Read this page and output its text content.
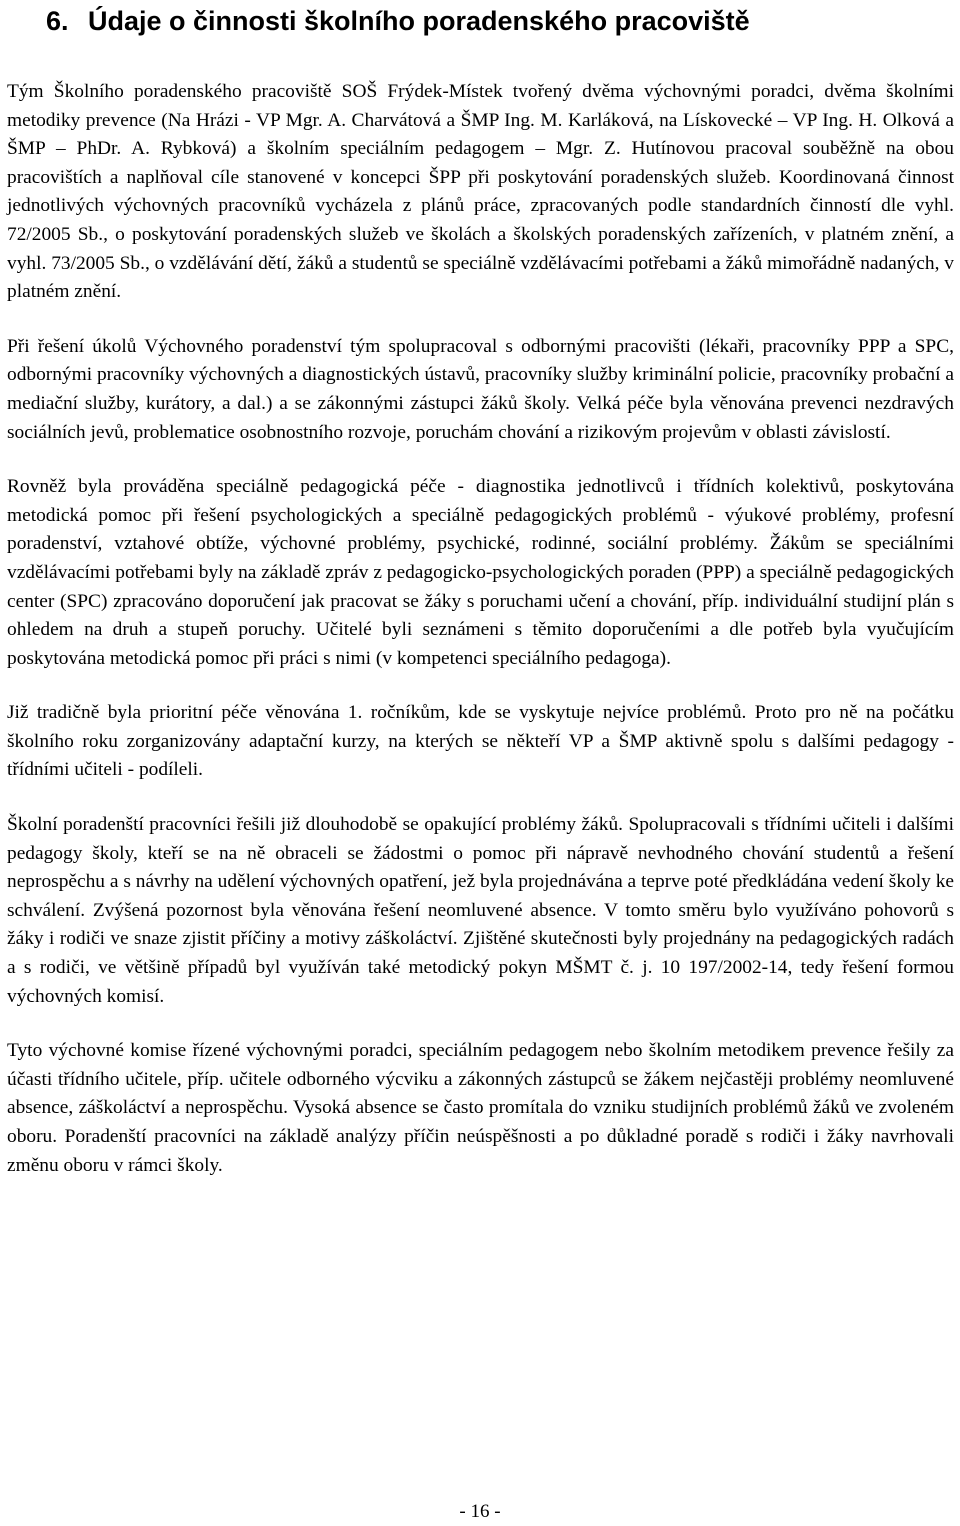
6. Údaje o činnosti školního poradenského pracoviště

Tým Školního poradenského pracoviště SOŠ Frýdek-Místek tvořený dvěma výchovnými poradci, dvěma školními metodiky prevence (Na Hrázi - VP Mgr. A. Charvátová a ŠMP Ing. M. Karláková, na Lískovecké – VP Ing. H. Olková a ŠMP – PhDr. A. Rybková) a školním speciálním pedagogem – Mgr. Z. Hutínovou pracoval souběžně na obou pracovištích a naplňoval cíle stanovené v koncepci ŠPP při poskytování poradenských služeb. Koordinovaná činnost jednotlivých výchovných pracovníků vycházela z plánů práce, zpracovaných podle standardních činností dle vyhl. 72/2005 Sb., o poskytování poradenských služeb ve školách a školských poradenských zařízeních, v platném znění, a vyhl. 73/2005 Sb., o vzdělávání dětí, žáků a studentů se speciálně vzdělávacími potřebami a žáků mimořádně nadaných, v platném znění.

Při řešení úkolů Výchovného poradenství tým spolupracoval s odbornými pracovišti (lékaři, pracovníky PPP a SPC, odbornými pracovníky výchovných a diagnostických ústavů, pracovníky služby kriminální policie, pracovníky probační a mediační služby, kurátory, a dal.) a se zákonnými zástupci žáků školy. Velká péče byla věnována prevenci nezdravých sociálních jevů, problematice osobnostního rozvoje, poruchám chování a rizikovým projevům v oblasti závislostí.

Rovněž byla prováděna speciálně pedagogická péče - diagnostika jednotlivců i třídních kolektivů, poskytována metodická pomoc při řešení psychologických a speciálně pedagogických problémů - výukové problémy, profesní poradenství, vztahové obtíže, výchovné problémy, psychické, rodinné, sociální problémy. Žákům se speciálními vzdělávacími potřebami byly na základě zpráv z pedagogicko-psychologických poraden (PPP) a speciálně pedagogických center (SPC) zpracováno doporučení jak pracovat se žáky s poruchami učení a chování, příp. individuální studijní plán s ohledem na druh a stupeň poruchy. Učitelé byli seznámeni s těmito doporučeními a dle potřeb byla vyučujícím poskytována metodická pomoc při práci s nimi (v kompetenci speciálního pedagoga).

Již tradičně byla prioritní péče věnována 1. ročníkům, kde se vyskytuje nejvíce problémů. Proto pro ně na počátku školního roku zorganizovány adaptační kurzy, na kterých se někteří VP a ŠMP aktivně spolu s dalšími pedagogy - třídními učiteli - podíleli.

Školní poradenští pracovníci řešili již dlouhodobě se opakující problémy žáků. Spolupracovali s třídními učiteli i dalšími pedagogy školy, kteří se na ně obraceli se žádostmi o pomoc při nápravě nevhodného chování studentů a řešení neprospěchu a s návrhy na udělení výchovných opatření, jež byla projednávána a teprve poté předkládána vedení školy ke schválení. Zvýšená pozornost byla věnována řešení neomluvené absence. V tomto směru bylo využíváno pohovorů s žáky i rodiči ve snaze zjistit příčiny a motivy záškoláctví. Zjištěné skutečnosti byly projednány na pedagogických radách a s rodiči, ve většině případů byl využíván také metodický pokyn MŠMT č. j. 10 197/2002-14, tedy řešení formou výchovných komisí.

Tyto výchovné komise řízené výchovnými poradci, speciálním pedagogem nebo školním metodikem prevence řešily za účasti třídního učitele, příp. učitele odborného výcviku a zákonných zástupců se žákem nejčastěji problémy neomluvené absence, záškoláctví a neprospěchu. Vysoká absence se často promítala do vzniku studijních problémů žáků ve zvoleném oboru. Poradenští pracovníci na základě analýzy příčin neúspěšnosti a po důkladné poradě s rodiči i žáky navrhovali změnu oboru v rámci školy.

- 16 -
